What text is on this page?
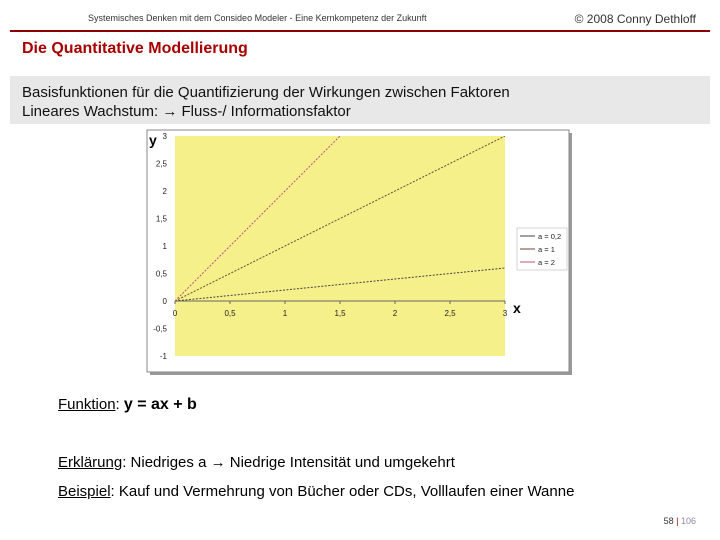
Systemisches Denken mit dem Consideo Modeler - Eine Kernkompetenz der Zukunft	© 2008 Conny Dethloff
Die Quantitative Modellierung
Basisfunktionen für die Quantifizierung der Wirkungen zwischen Faktoren
Lineares Wachstum: → Fluss-/ Informationsfaktor
-1
-0,5
0
0,5
1
1,5
2
2,5
3
0	0,5	1	1,5	2	2,5	3
y
x
a = 0,2
a = 1
a = 2
Funktion: y = ax + b
Erklärung: Niedriges a → Niedrige Intensität und umgekehrt
Beispiel: Kauf und Vermehrung von Bücher oder CDs, Volllaufen einer Wanne
58 | 106
